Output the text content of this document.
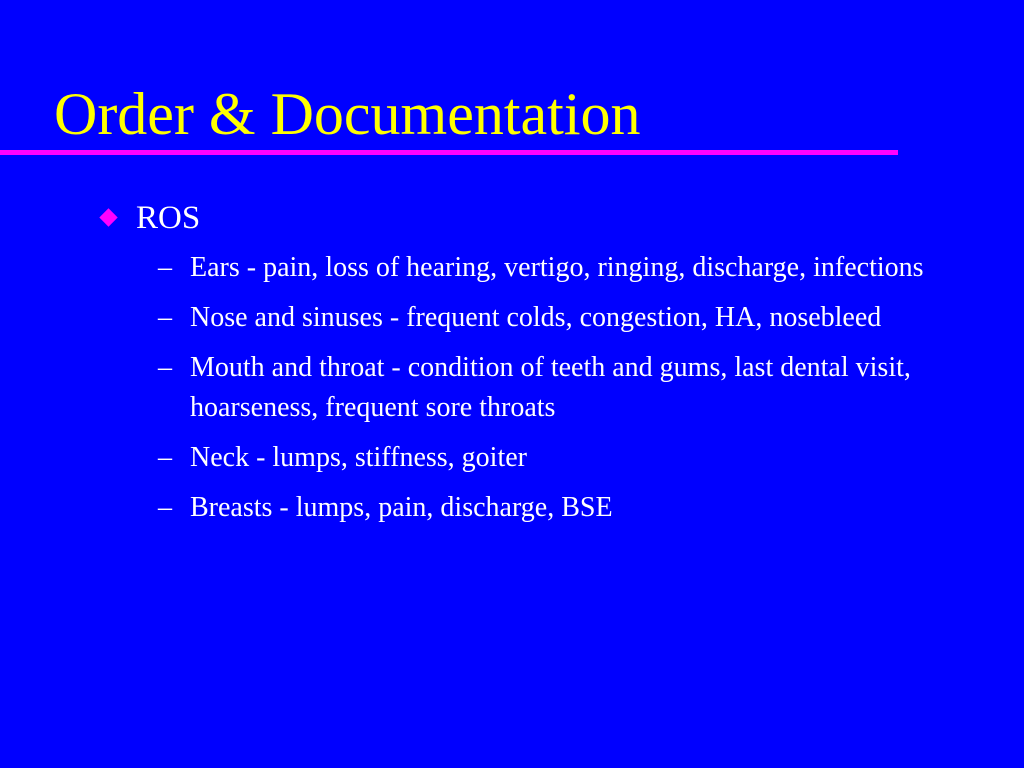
Order & Documentation
ROS
– Ears - pain, loss of hearing, vertigo, ringing, discharge, infections
– Nose and sinuses - frequent colds, congestion, HA, nosebleed
– Mouth and throat - condition of teeth and gums, last dental visit, hoarseness, frequent sore throats
– Neck - lumps, stiffness, goiter
– Breasts - lumps, pain, discharge, BSE
